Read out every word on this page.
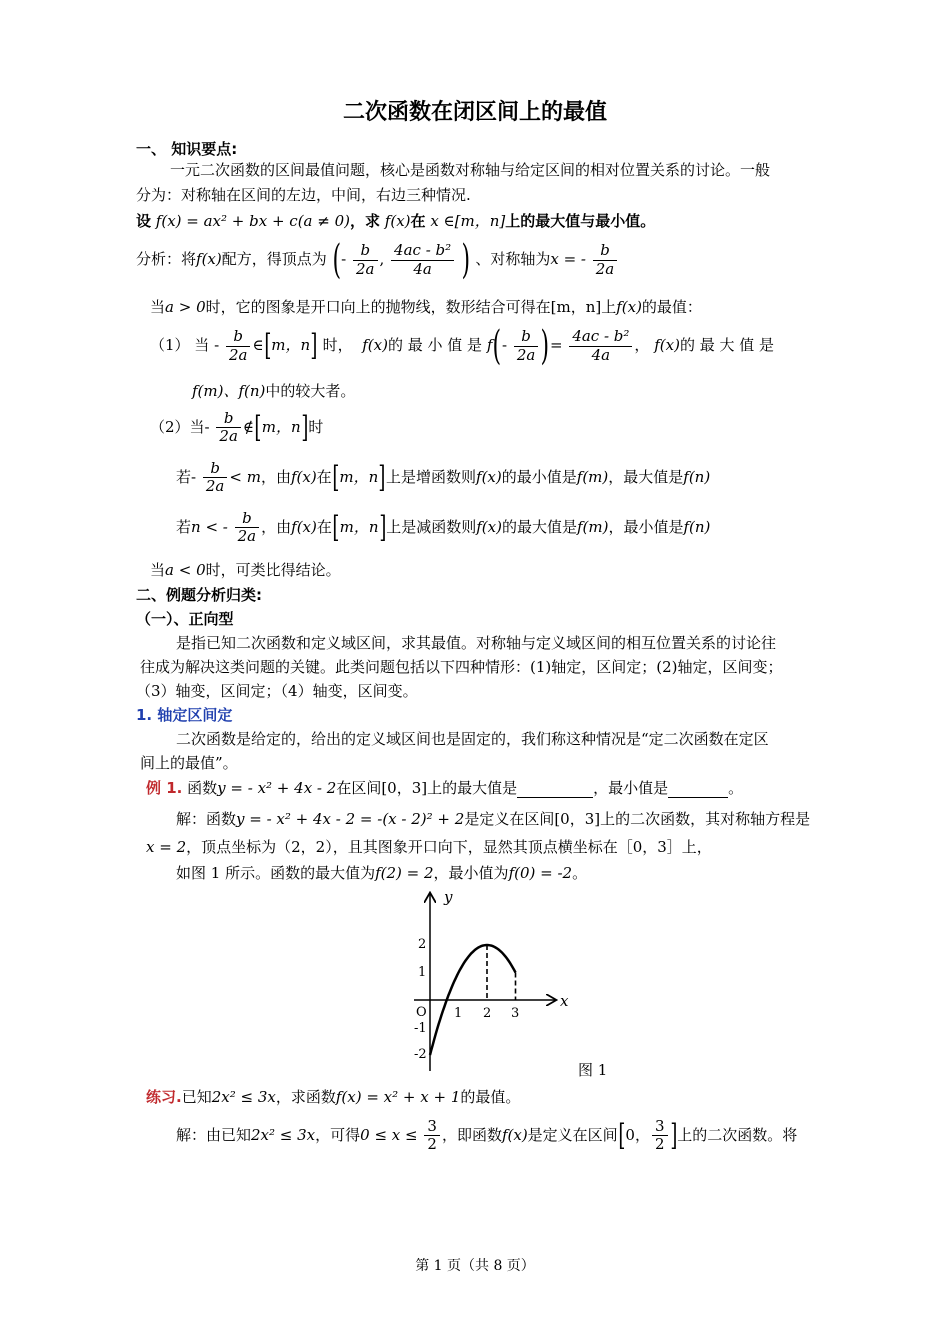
二次函数在闭区间上的最值
一、 知识要点:
一元二次函数的区间最值问题，核心是函数对称轴与给定区间的相对位置关系的讨论。一般
分为：对称轴在区间的左边，中间，右边三种情况.
设 f(x) = ax² + bx + c(a ≠ 0)，求 f(x)在 x ∈[m，n]上的最大值与最小值。
分析：将f(x)配方，得顶点为 (- $\frac{b}{2a}$ , $\frac{\text{4ac - b²}}{4a}$ ) 、对称轴为x = - $\frac{b}{2a}$
当a > 0时，它的图象是开口向上的抛物线，数形结合可得在[m，n]上f(x)的最值：
（1） 当 - $\frac{b}{2a}$ ∈[m，n] 时， f(x)的 最 小 值 是 $f(- \frac{b}{2a}$ )= $\frac{\text{4ac - b²}}{4a}$ ， f(x)的 最 大 值 是
f(m)、f(n)中的较大者。
（2）当- $\frac{b}{2a}$ ∉[m，n]时
若- $\frac{b}{2a} < m$，由f(x)在[m，n]上是增函数则f(x)的最小值是f(m)，最大值是f(n)
若n < - $\frac{b}{2a}$ ，由f(x)在[m，n]上是减函数则f(x)的最大值是f(m)，最小值是f(n)
当a < 0时，可类比得结论。
二、例题分析归类:
（一）、正向型
是指已知二次函数和定义域区间，求其最值。对称轴与定义域区间的相互位置关系的讨论往
往成为解决这类问题的关键。此类问题包括以下四种情形：(1)轴定，区间定；(2)轴定，区间变；
（3）轴变，区间定；（4）轴变，区间变。
1. 轴定区间定
二次函数是给定的，给出的定义域区间也是固定的，我们称这种情况是“定二次函数在定区
间上的最值”。
例 1. 函数y = - x² + 4x - 2在区间[0，3]上的最大值是	，最小值是	。
解：函数y = - x² + 4x - 2 = -(x - 2)² + 2是定义在区间[0，3]上的二次函数，其对称轴方程是
x = 2，顶点坐标为（2，2），且其图象开口向下，显然其顶点横坐标在［0，3］上，
如图 1 所示。函数的最大值为f(2) = 2，最小值为f(0) = -2。
y
x
O 1 2 3
2
1
-1
-2
图 1
练习.已知2x² ≤ 3x，求函数f(x) = x² + x + 1的最值。
解：由已知2x² ≤ 3x，可得$0 \le x \le \frac{3}{2}$ ，即函数f(x)是定义在区间[0， $\frac{3}{2}$ ]上的二次函数。将
第 1 页（共 8 页）
